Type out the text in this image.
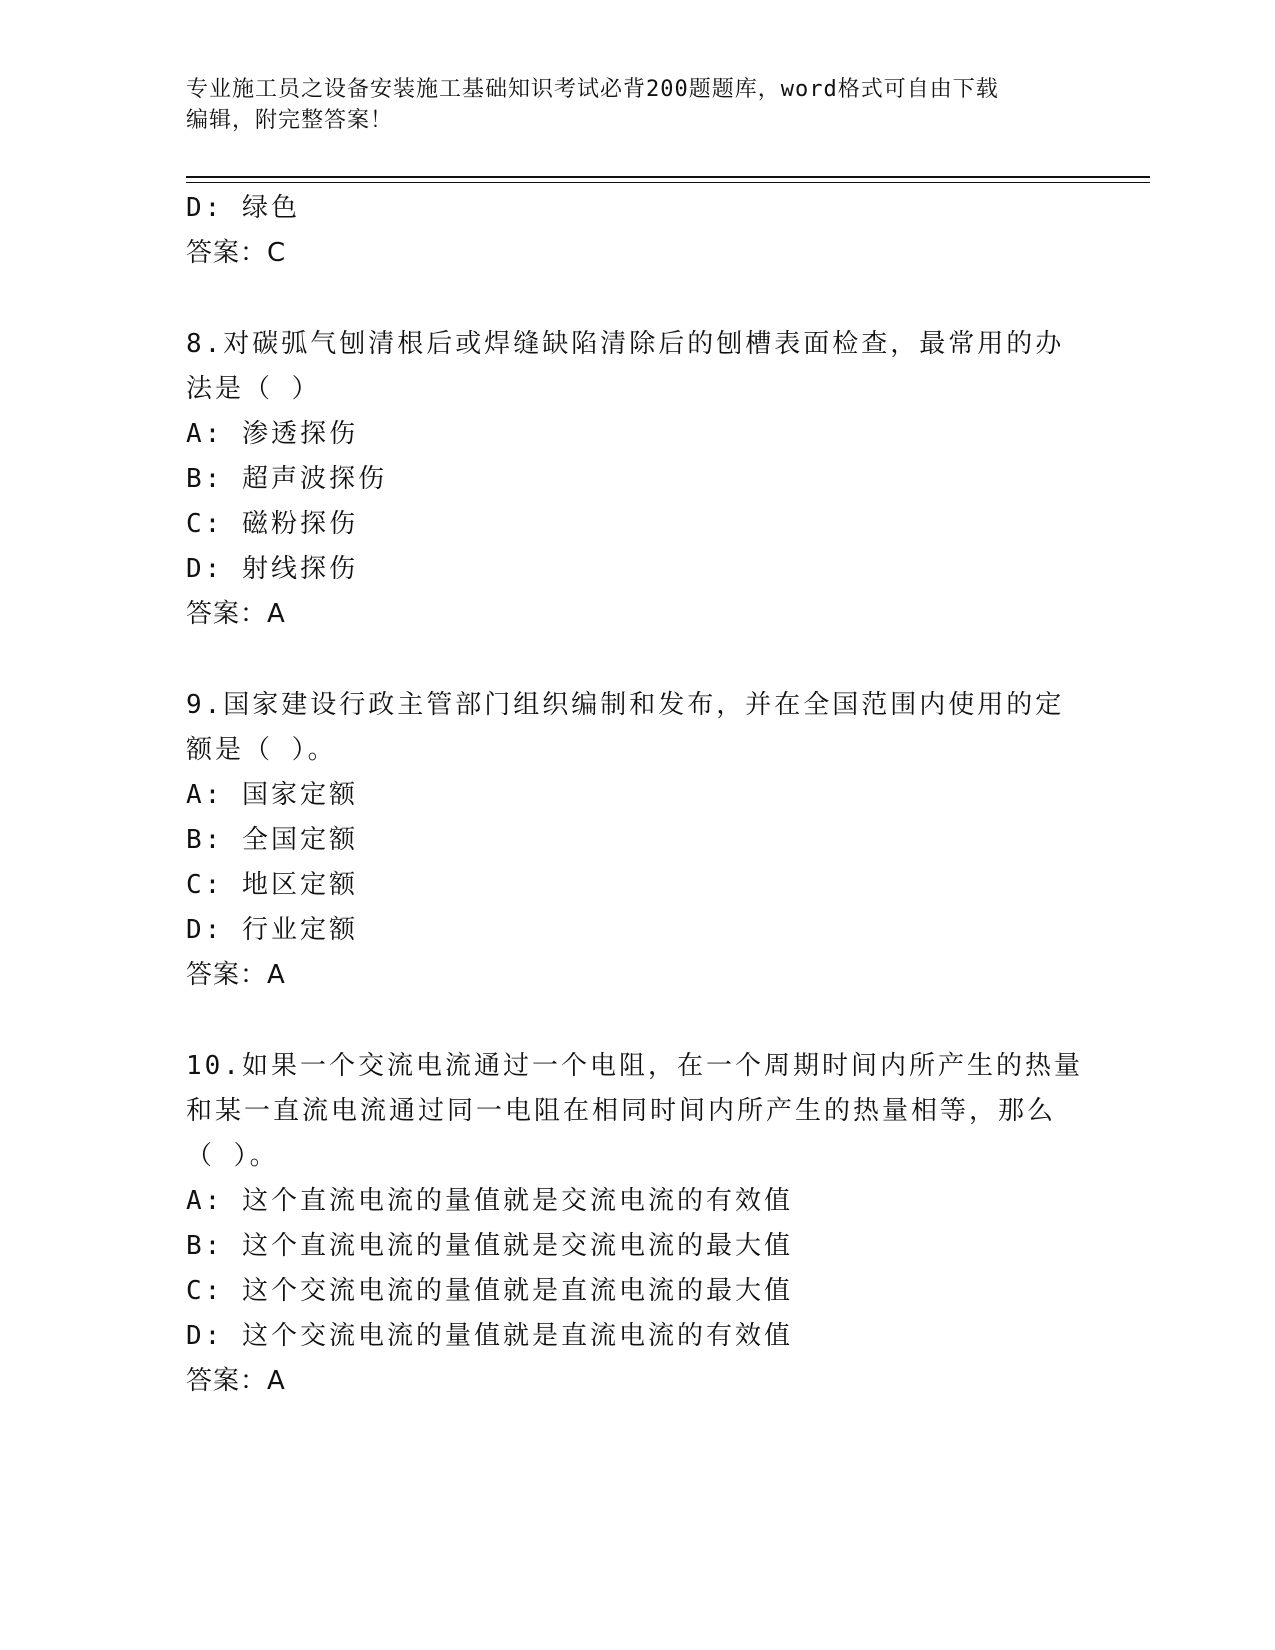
专业施工员之设备安装施工基础知识考试必背200题题库，word格式可自由下载
编辑，附完整答案！
D: 绿色
答案：C
8.对碳弧气刨清根后或焊缝缺陷清除后的刨槽表面检查，最常用的办
法是（ ）
A: 渗透探伤
B: 超声波探伤
C: 磁粉探伤
D: 射线探伤
答案：A
9.国家建设行政主管部门组织编制和发布，并在全国范围内使用的定
额是（ ）。
A: 国家定额
B: 全国定额
C: 地区定额
D: 行业定额
答案：A
10.如果一个交流电流通过一个电阻，在一个周期时间内所产生的热量
和某一直流电流通过同一电阻在相同时间内所产生的热量相等，那么
（ ）。
A: 这个直流电流的量值就是交流电流的有效值
B: 这个直流电流的量值就是交流电流的最大值
C: 这个交流电流的量值就是直流电流的最大值
D: 这个交流电流的量值就是直流电流的有效值
答案：A
